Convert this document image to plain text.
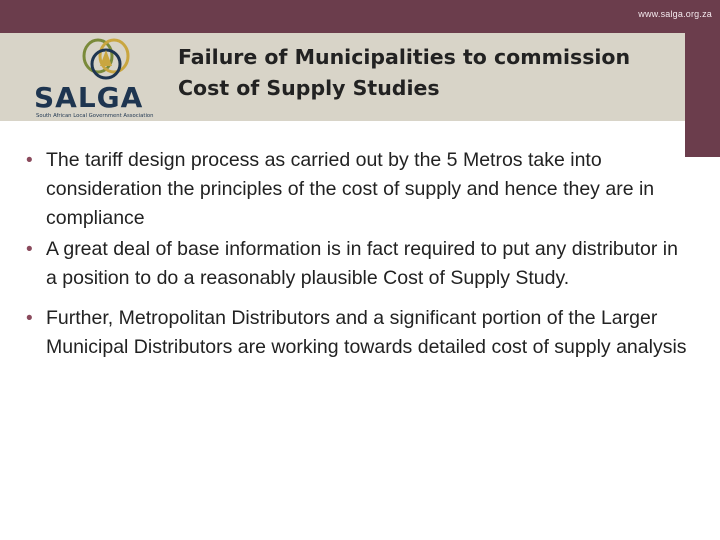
www.salga.org.za
SALGA
South African Local Government Association
Failure of Municipalities to commission
Cost of Supply Studies
• The tariff design process as carried out by the 5 Metros take into consideration the principles of the cost of supply and hence they are in compliance
• A great deal of base information is in fact required to put any distributor in a position to do a reasonably plausible Cost of Supply Study.
• Further, Metropolitan Distributors and a significant portion of the Larger Municipal Distributors are working towards detailed cost of supply analysis
